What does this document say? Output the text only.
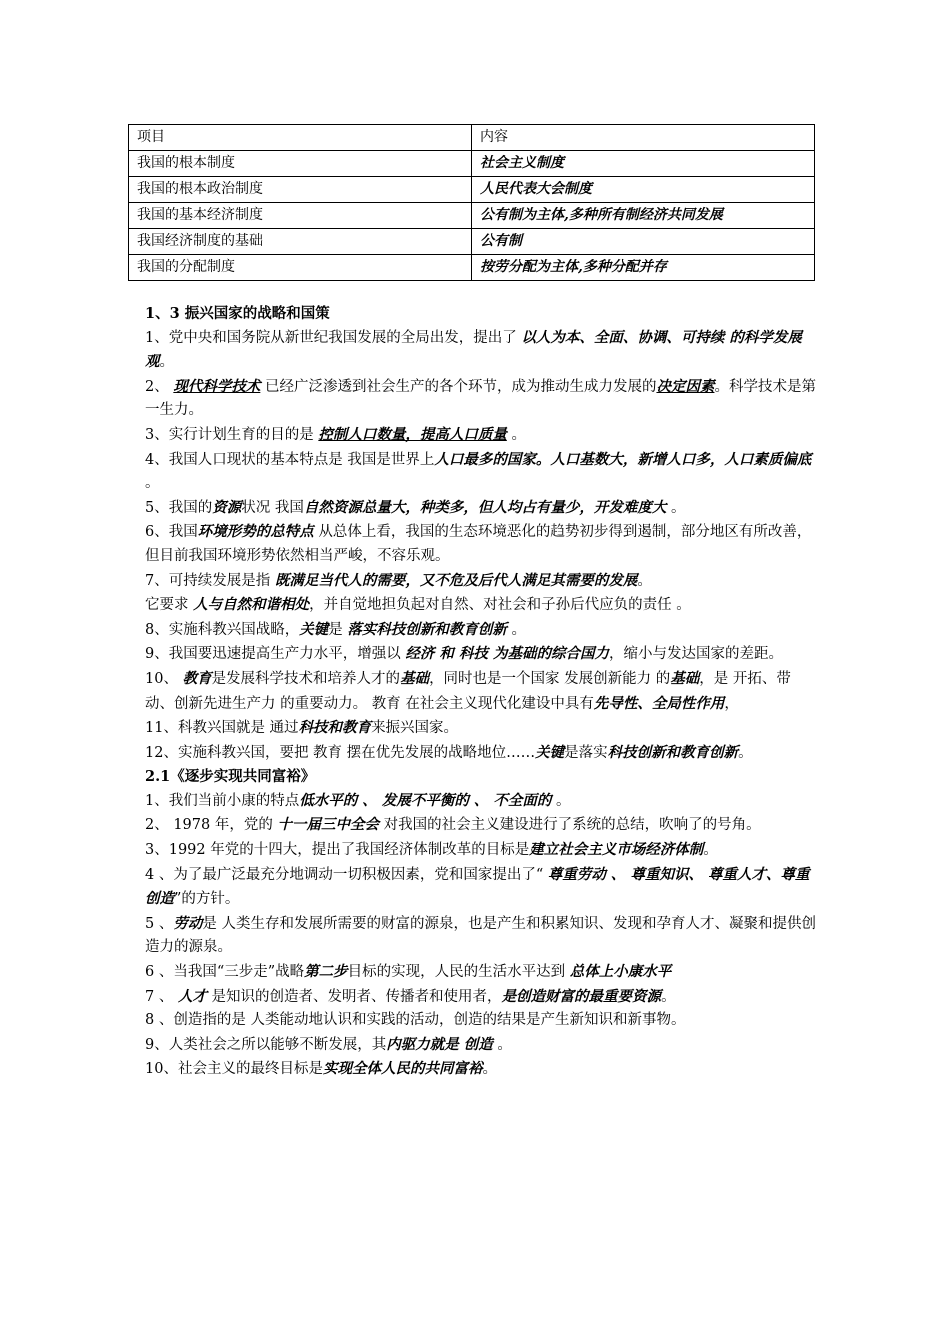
项目	内容
我国的根本制度	社会主义制度
我国的根本政治制度	人民代表大会制度
我国的基本经济制度	公有制为主体,多种所有制经济共同发展
我国经济制度的基础	公有制
我国的分配制度	按劳分配为主体,多种分配并存

1、3 振兴国家的战略和国策

1、党中央和国务院从新世纪我国发展的全局出发，提出了 以人为本、全面、协调、可持续 的科学发展观。

2、 现代科学技术 已经广泛渗透到社会生产的各个环节，成为推动生成力发展的决定因素。科学技术是第一生力。

3、实行计划生育的目的是 控制人口数量，提高人口质量 。

4、我国人口现状的基本特点是 我国是世界上人口最多的国家。人口基数大，新增人口多，人口素质偏底 。

5、我国的资源状况 我国自然资源总量大，种类多，但人均占有量少，开发难度大 。

6、我国环境形势的总特点 从总体上看，我国的生态环境恶化的趋势初步得到遏制，部分地区有所改善，但目前我国环境形势依然相当严峻，不容乐观。

7、可持续发展是指 既满足当代人的需要，又不危及后代人满足其需要的发展。

它要求 人与自然和谐相处，并自觉地担负起对自然、对社会和子孙后代应负的责任 。

8、实施科教兴国战略，关键是 落实科技创新和教育创新 。

9、我国要迅速提高生产力水平，增强以 经济 和 科技 为基础的综合国力，缩小与发达国家的差距。

10、 教育是发展科学技术和培养人才的基础，同时也是一个国家 发展创新能力 的基础，是 开拓、带动、创新先进生产力 的重要动力。 教育 在社会主义现代化建设中具有先导性、全局性作用，

11、科教兴国就是 通过科技和教育来振兴国家。

12、实施科教兴国，要把 教育 摆在优先发展的战略地位……关键是落实科技创新和教育创新。

2.1《逐步实现共同富裕》

1、我们当前小康的特点低水平的 、 发展不平衡的 、 不全面的 。

2、 1978 年，党的 十一届三中全会 对我国的社会主义建设进行了系统的总结，吹响了的号角。

3、1992 年党的十四大，提出了我国经济体制改革的目标是建立社会主义市场经济体制。

4 、为了最广泛最充分地调动一切积极因素，党和国家提出了“ 尊重劳动 、 尊重知识、 尊重人才、尊重创造”的方针。

5 、劳动是 人类生存和发展所需要的财富的源泉，也是产生和积累知识、发现和孕育人才、凝聚和提供创造力的源泉。

6 、当我国“三步走”战略第二步目标的实现，人民的生活水平达到 总体上小康水平

7 、 人才 是知识的创造者、发明者、传播者和使用者，是创造财富的最重要资源。

8 、创造指的是 人类能动地认识和实践的活动，创造的结果是产生新知识和新事物。

9、人类社会之所以能够不断发展，其内驱力就是 创造 。

10、社会主义的最终目标是实现全体人民的共同富裕。
